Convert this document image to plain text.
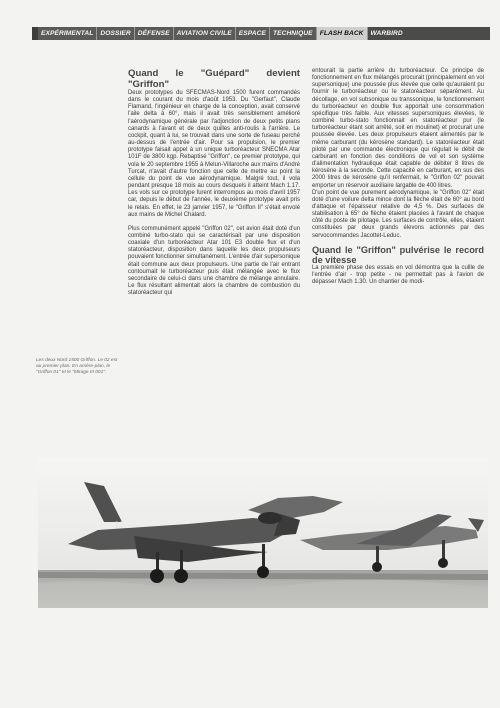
EXPÉRIMENTAL	DOSSIER	DÉFENSE	AVIATION CIVILE	ESPACE	TECHNIQUE	FLASH BACK	WARBIRD

Quand le "Guépard" devient "Griffon"

Deux prototypes du SFECMAS-Nord 1500 furent commandés dans le courant du mois d'août 1953. Du "Gerfaut", Claude Flamand, l'ingénieur en charge de la conception, avait conservé l'aile delta à 60°, mais il avait très sensiblement amélioré l'aérodynamique générale par l'adjonction de deux petits plans canards à l'avant et de deux quilles anti-roulis à l'arrière. Le cockpit, quant à lui, se trouvait dans une sorte de fuseau perché au-dessus de l'entrée d'air. Pour sa propulsion, le premier prototype faisait appel à un unique turboréacteur SNECMA Atar 101F de 3800 kgp. Rebaptisé "Griffon", ce premier prototype, qui vola le 20 septembre 1955 à Melun-Villaroche aux mains d'André Turcat, n'avait d'autre fonction que celle de mettre au point la cellule du point de vue aérodynamique. Malgré tout, il vola pendant presque 18 mois au cours desquels il atteint Mach 1.17. Les vols sur ce prototype furent interrompus au mois d'avril 1957 car, depuis le début de l'année, le deuxième prototype avait pris le relais. En effet, le 23 janvier 1957, le "Griffon II" s'était envolé aux mains de Michel Chalard.

Plus communément appelé "Griffon 02", cet avion était doté d'un combiné turbo-stato qui se caractérisait par une disposition coaxiale d'un turboréacteur Atar 101 E3 double flux et d'un statoréacteur, disposition dans laquelle les deux propulseurs pouvaient fonctionner simultanément. L'entrée d'air supersonique était commune aux deux propulseurs. Une partie de l'air entrant contournait le turboréacteur puis était mélangée avec le flux secondaire de celui-ci dans une chambre de mélange annulaire. Le flux résultant alimentait alors la chambre de combustion du statoréacteur qui

entourait la partie arrière du turboréacteur. Ce principe de fonctionnement en flux mélangés procurait (principalement en vol supersonique) une poussée plus élevée que celle qu'auraient pu fournir le turboréacteur ou le statoréacteur séparément. Au décollage, en vol subsonique ou transsonique, le fonctionnement du turboréacteur en double flux apportait une consommation spécifique très faible. Aux vitesses supersoniques élevées, le combiné turbo-stato fonctionnait en statoréacteur pur (le turboréacteur étant soit arrêté, soit en moulinet) et procurait une poussée élevée. Les deux propulseurs étaient alimentés par le même carburant (du kérosène standard). Le statoréacteur était piloté par une commande électronique qui régulait le débit de carburant en fonction des conditions de vol et son système d'alimentation hydraulique était capable de débiter 8 litres de kérosène à la seconde. Cette capacité en carburant, en sus des 2000 litres de kérosène qu'il renfermait, le "Griffon 02" pouvait emporter un réservoir auxiliaire largable de 400 litres.

D'un point de vue purement aérodynamique, le "Griffon 02" était doté d'une voilure delta mince dont la flèche était de 60° au bord d'attaque et l'épaisseur relative de 4,5 %. Des surfaces de stabilisation à 65° de flèche étaient placées à l'avant de chaque côté du poste de pilotage. Les surfaces de contrôle, elles, étaient constituées par deux grands élevons actionnés par des servocommandes Jacottet-Leduc.

Quand le "Griffon" pulvérise le record de vitesse

La première phase des essais en vol démontra que la cullle de l'entrée d'air - trop petite - ne permettait pas à l'avion de dépasser Mach 1.30. Un chantier de modi-

Les deux Nord 1500 Griffon. Le 02 est au premier plan. En arrière-plan, le "Griffon 01" et le "Mirage III 001".
10
